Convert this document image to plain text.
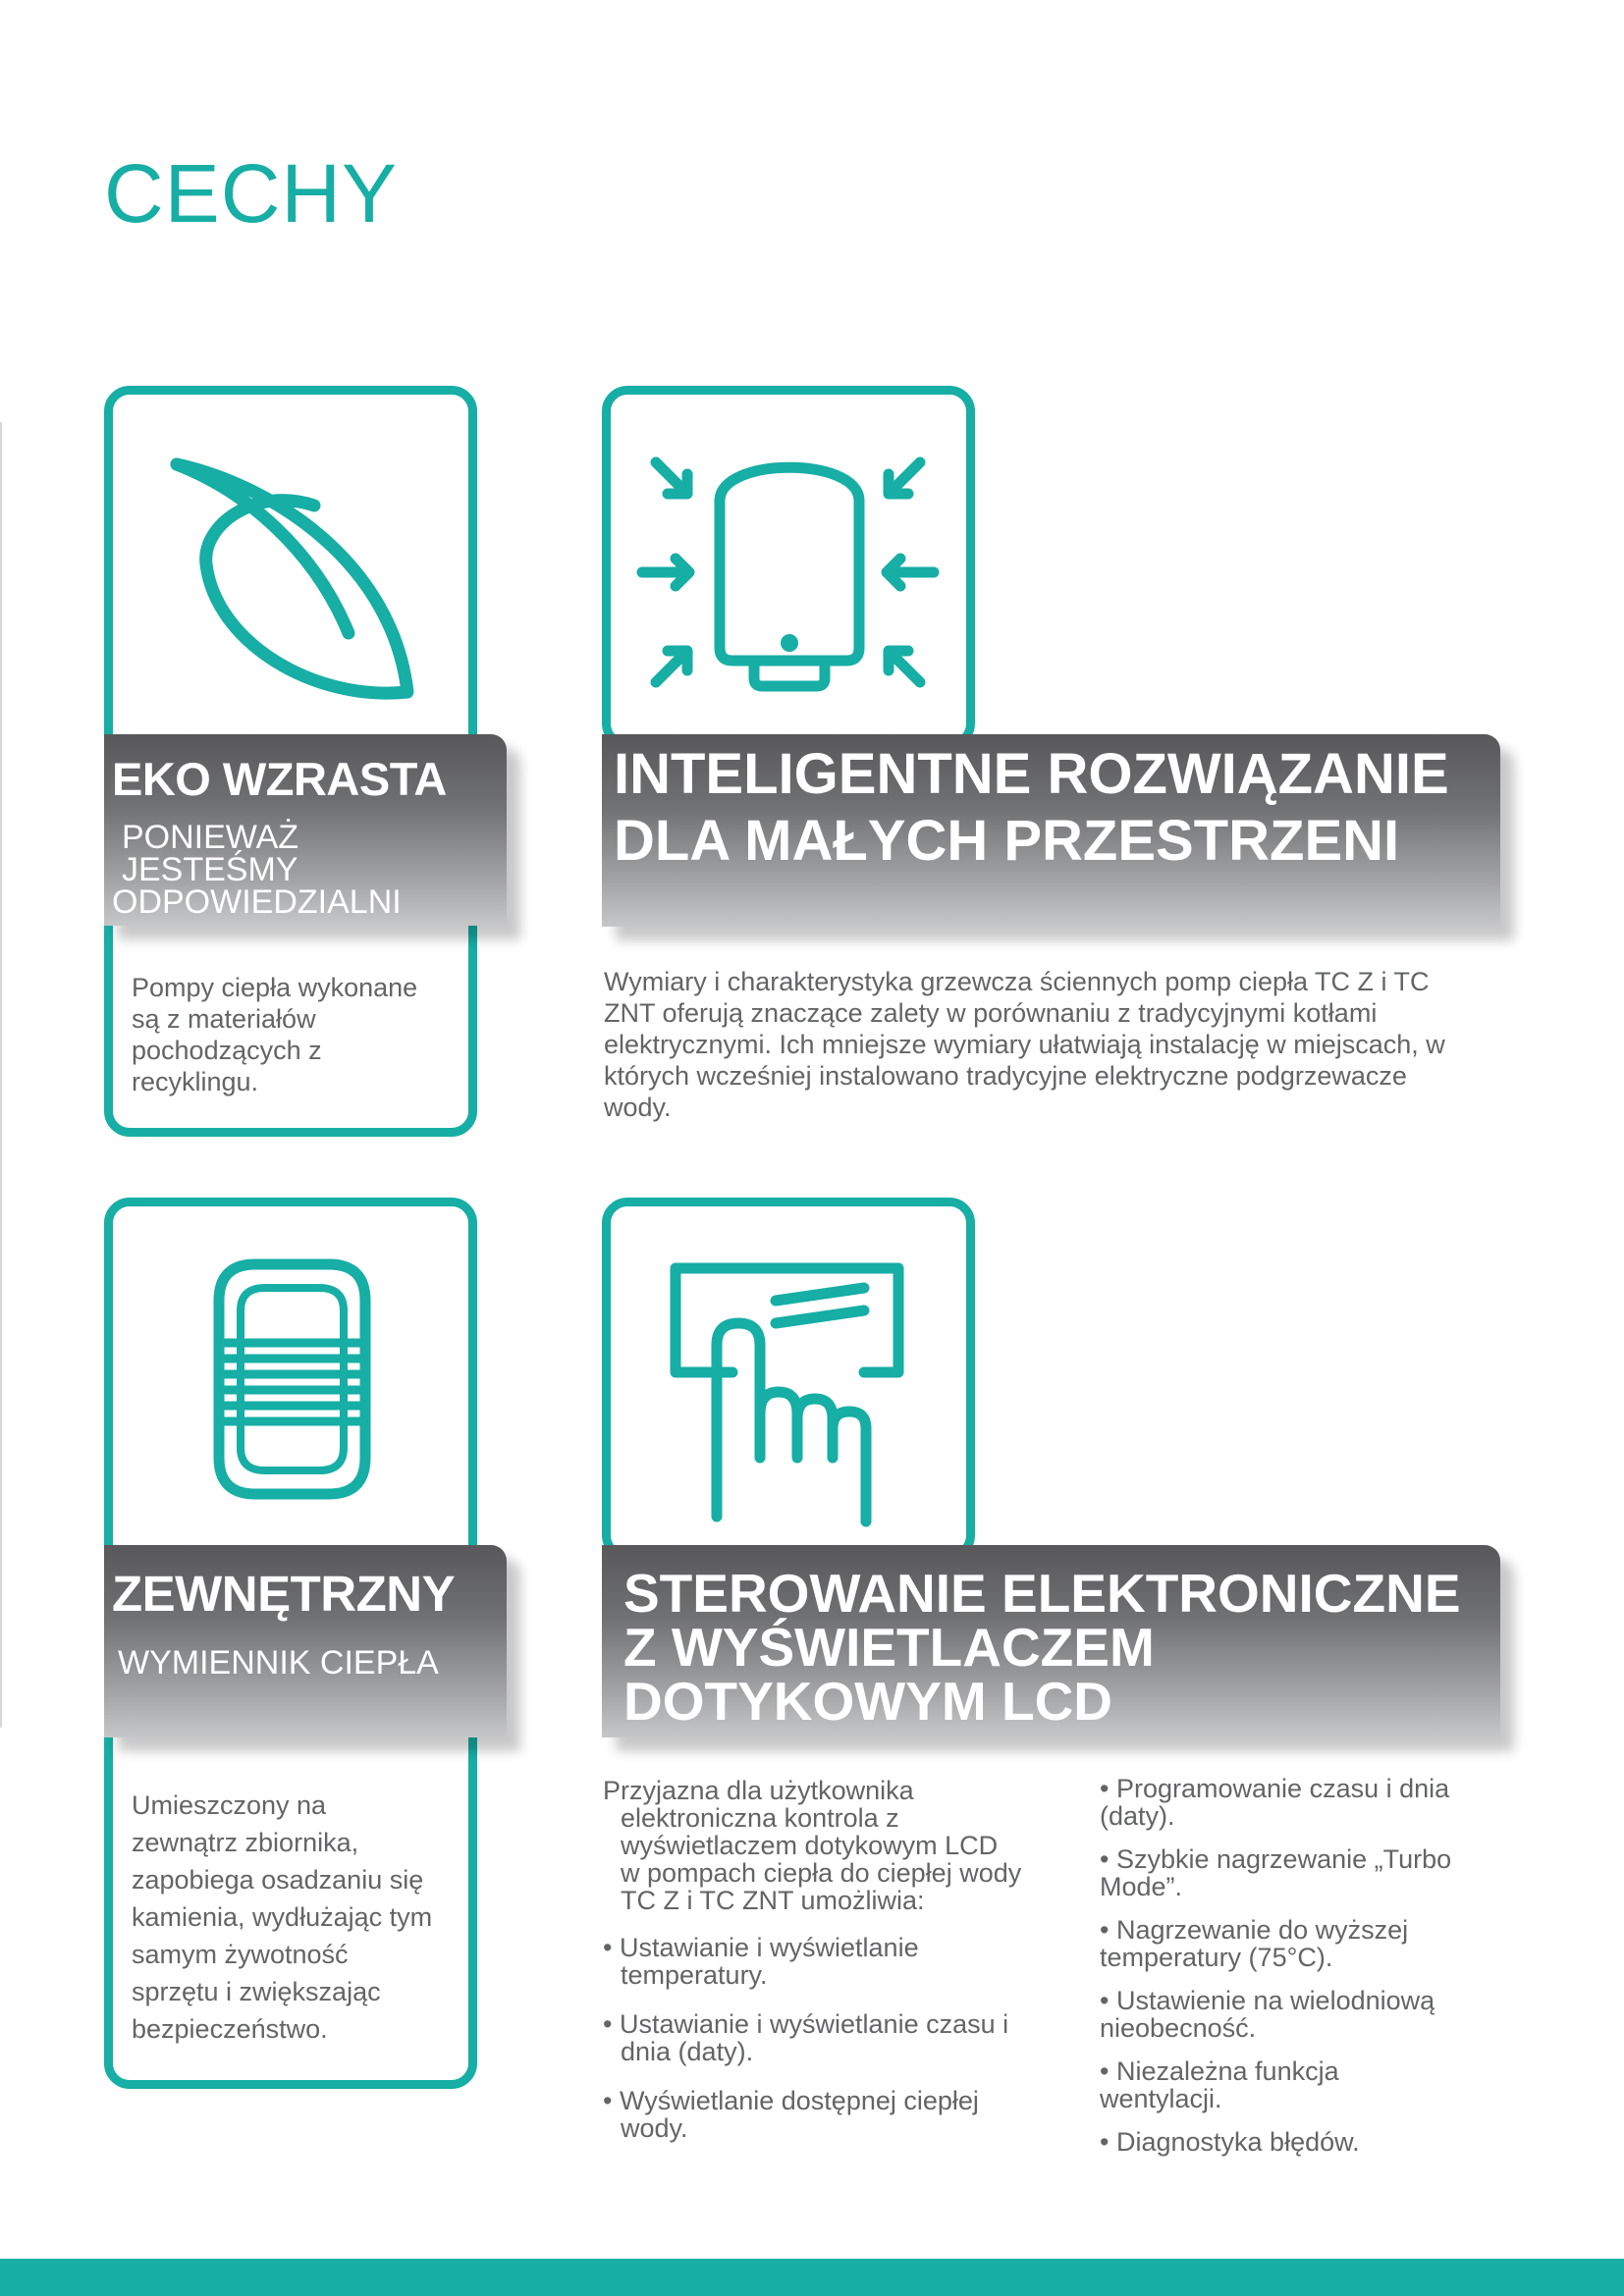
CECHY
EKO WZRASTA
PONIEWAŻ
JESTEŚMY
ODPOWIEDZIALNI
Pompy ciepła wykonane
są z materiałów
pochodzących z
recyklingu.
INTELIGENTNE ROZWIĄZANIE
DLA MAŁYCH PRZESTRZENI
Wymiary i charakterystyka grzewcza ściennych pomp ciepła TC Z i TC
ZNT oferują znaczące zalety w porównaniu z tradycyjnymi kotłami
elektrycznymi. Ich mniejsze wymiary ułatwiają instalację w miejscach, w
których wcześniej instalowano tradycyjne elektryczne podgrzewacze
wody.
ZEWNĘTRZNY
WYMIENNIK CIEPŁA
Umieszczony na
zewnątrz zbiornika,
zapobiega osadzaniu się
kamienia, wydłużając tym
samym żywotność
sprzętu i zwiększając
bezpieczeństwo.
STEROWANIE ELEKTRONICZNE
Z WYŚWIETLACZEM
DOTYKOWYM LCD
Przyjazna dla użytkownika
elektroniczna kontrola z
wyświetlaczem dotykowym LCD
w pompach ciepła do ciepłej wody
TC Z i TC ZNT umożliwia:
• Ustawianie i wyświetlanie
temperatury.
• Ustawianie i wyświetlanie czasu i
dnia (daty).
• Wyświetlanie dostępnej ciepłej
wody.
• Programowanie czasu i dnia
(daty).
• Szybkie nagrzewanie „Turbo
Mode”.
• Nagrzewanie do wyższej
temperatury (75°C).
• Ustawienie na wielodniową
nieobecność.
• Niezależna funkcja
wentylacji.
• Diagnostyka błędów.
